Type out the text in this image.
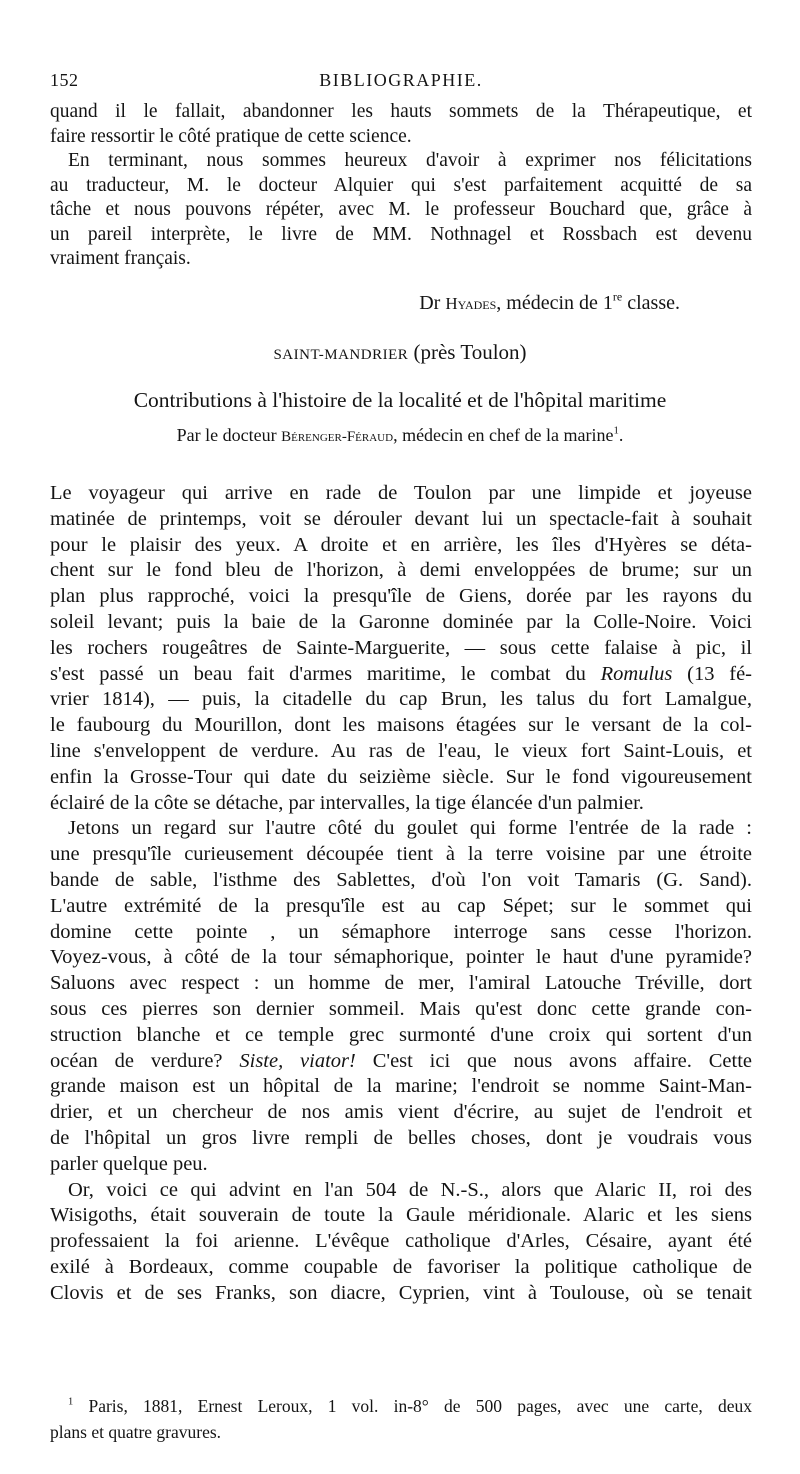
152	BIBLIOGRAPHIE.
quand il le fallait, abandonner les hauts sommets de la Thérapeutique, et
faire ressortir le côté pratique de cette science.
En terminant, nous sommes heureux d'avoir à exprimer nos félicitations
au traducteur, M. le docteur Alquier qui s'est parfaitement acquitté de sa
tâche et nous pouvons répéter, avec M. le professeur Bouchard que, grâce à
un pareil interprète, le livre de MM. Nothnagel et Rossbach est devenu
vraiment français.
Dr Hyades, médecin de 1re classe.
SAINT-MANDRIER (près Toulon)
Contributions à l'histoire de la localité et de l'hôpital maritime
Par le docteur Bérenger-Féraud, médecin en chef de la marine$^1$.
Le voyageur qui arrive en rade de Toulon par une limpide et joyeuse
matinée de printemps, voit se dérouler devant lui un spectacle-fait à souhait
pour le plaisir des yeux. A droite et en arrière, les îles d'Hyères se déta-
chent sur le fond bleu de l'horizon, à demi enveloppées de brume; sur un
plan plus rapproché, voici la presqu'île de Giens, dorée par les rayons du
soleil levant; puis la baie de la Garonne dominée par la Colle-Noire. Voici
les rochers rougeâtres de Sainte-Marguerite, — sous cette falaise à pic, il
s'est passé un beau fait d'armes maritime, le combat du Romulus (13 fé-
vrier 1814), — puis, la citadelle du cap Brun, les talus du fort Lamalgue,
le faubourg du Mourillon, dont les maisons étagées sur le versant de la col-
line s'enveloppent de verdure. Au ras de l'eau, le vieux fort Saint-Louis, et
enfin la Grosse-Tour qui date du seizième siècle. Sur le fond vigoureusement
éclairé de la côte se détache, par intervalles, la tige élancée d'un palmier.
Jetons un regard sur l'autre côté du goulet qui forme l'entrée de la rade :
une presqu'île curieusement découpée tient à la terre voisine par une étroite
bande de sable, l'isthme des Sablettes, d'où l'on voit Tamaris (G. Sand).
L'autre extrémité de la presqu'île est au cap Sépet; sur le sommet qui
domine cette pointe , un sémaphore interroge sans cesse l'horizon.
Voyez-vous, à côté de la tour sémaphorique, pointer le haut d'une pyramide?
Saluons avec respect : un homme de mer, l'amiral Latouche Tréville, dort
sous ces pierres son dernier sommeil. Mais qu'est donc cette grande con-
struction blanche et ce temple grec surmonté d'une croix qui sortent d'un
océan de verdure? Siste, viator! C'est ici que nous avons affaire. Cette
grande maison est un hôpital de la marine; l'endroit se nomme Saint-Man-
drier, et un chercheur de nos amis vient d'écrire, au sujet de l'endroit et
de l'hôpital un gros livre rempli de belles choses, dont je voudrais vous
parler quelque peu.
Or, voici ce qui advint en l'an 504 de N.-S., alors que Alaric II, roi des
Wisigoths, était souverain de toute la Gaule méridionale. Alaric et les siens
professaient la foi arienne. L'évêque catholique d'Arles, Césaire, ayant été
exilé à Bordeaux, comme coupable de favoriser la politique catholique de
Clovis et de ses Franks, son diacre, Cyprien, vint à Toulouse, où se tenait
$^1$ Paris, 1881, Ernest Leroux, 1 vol. in-8° de 500 pages, avec une carte, deux
plans et quatre gravures.
